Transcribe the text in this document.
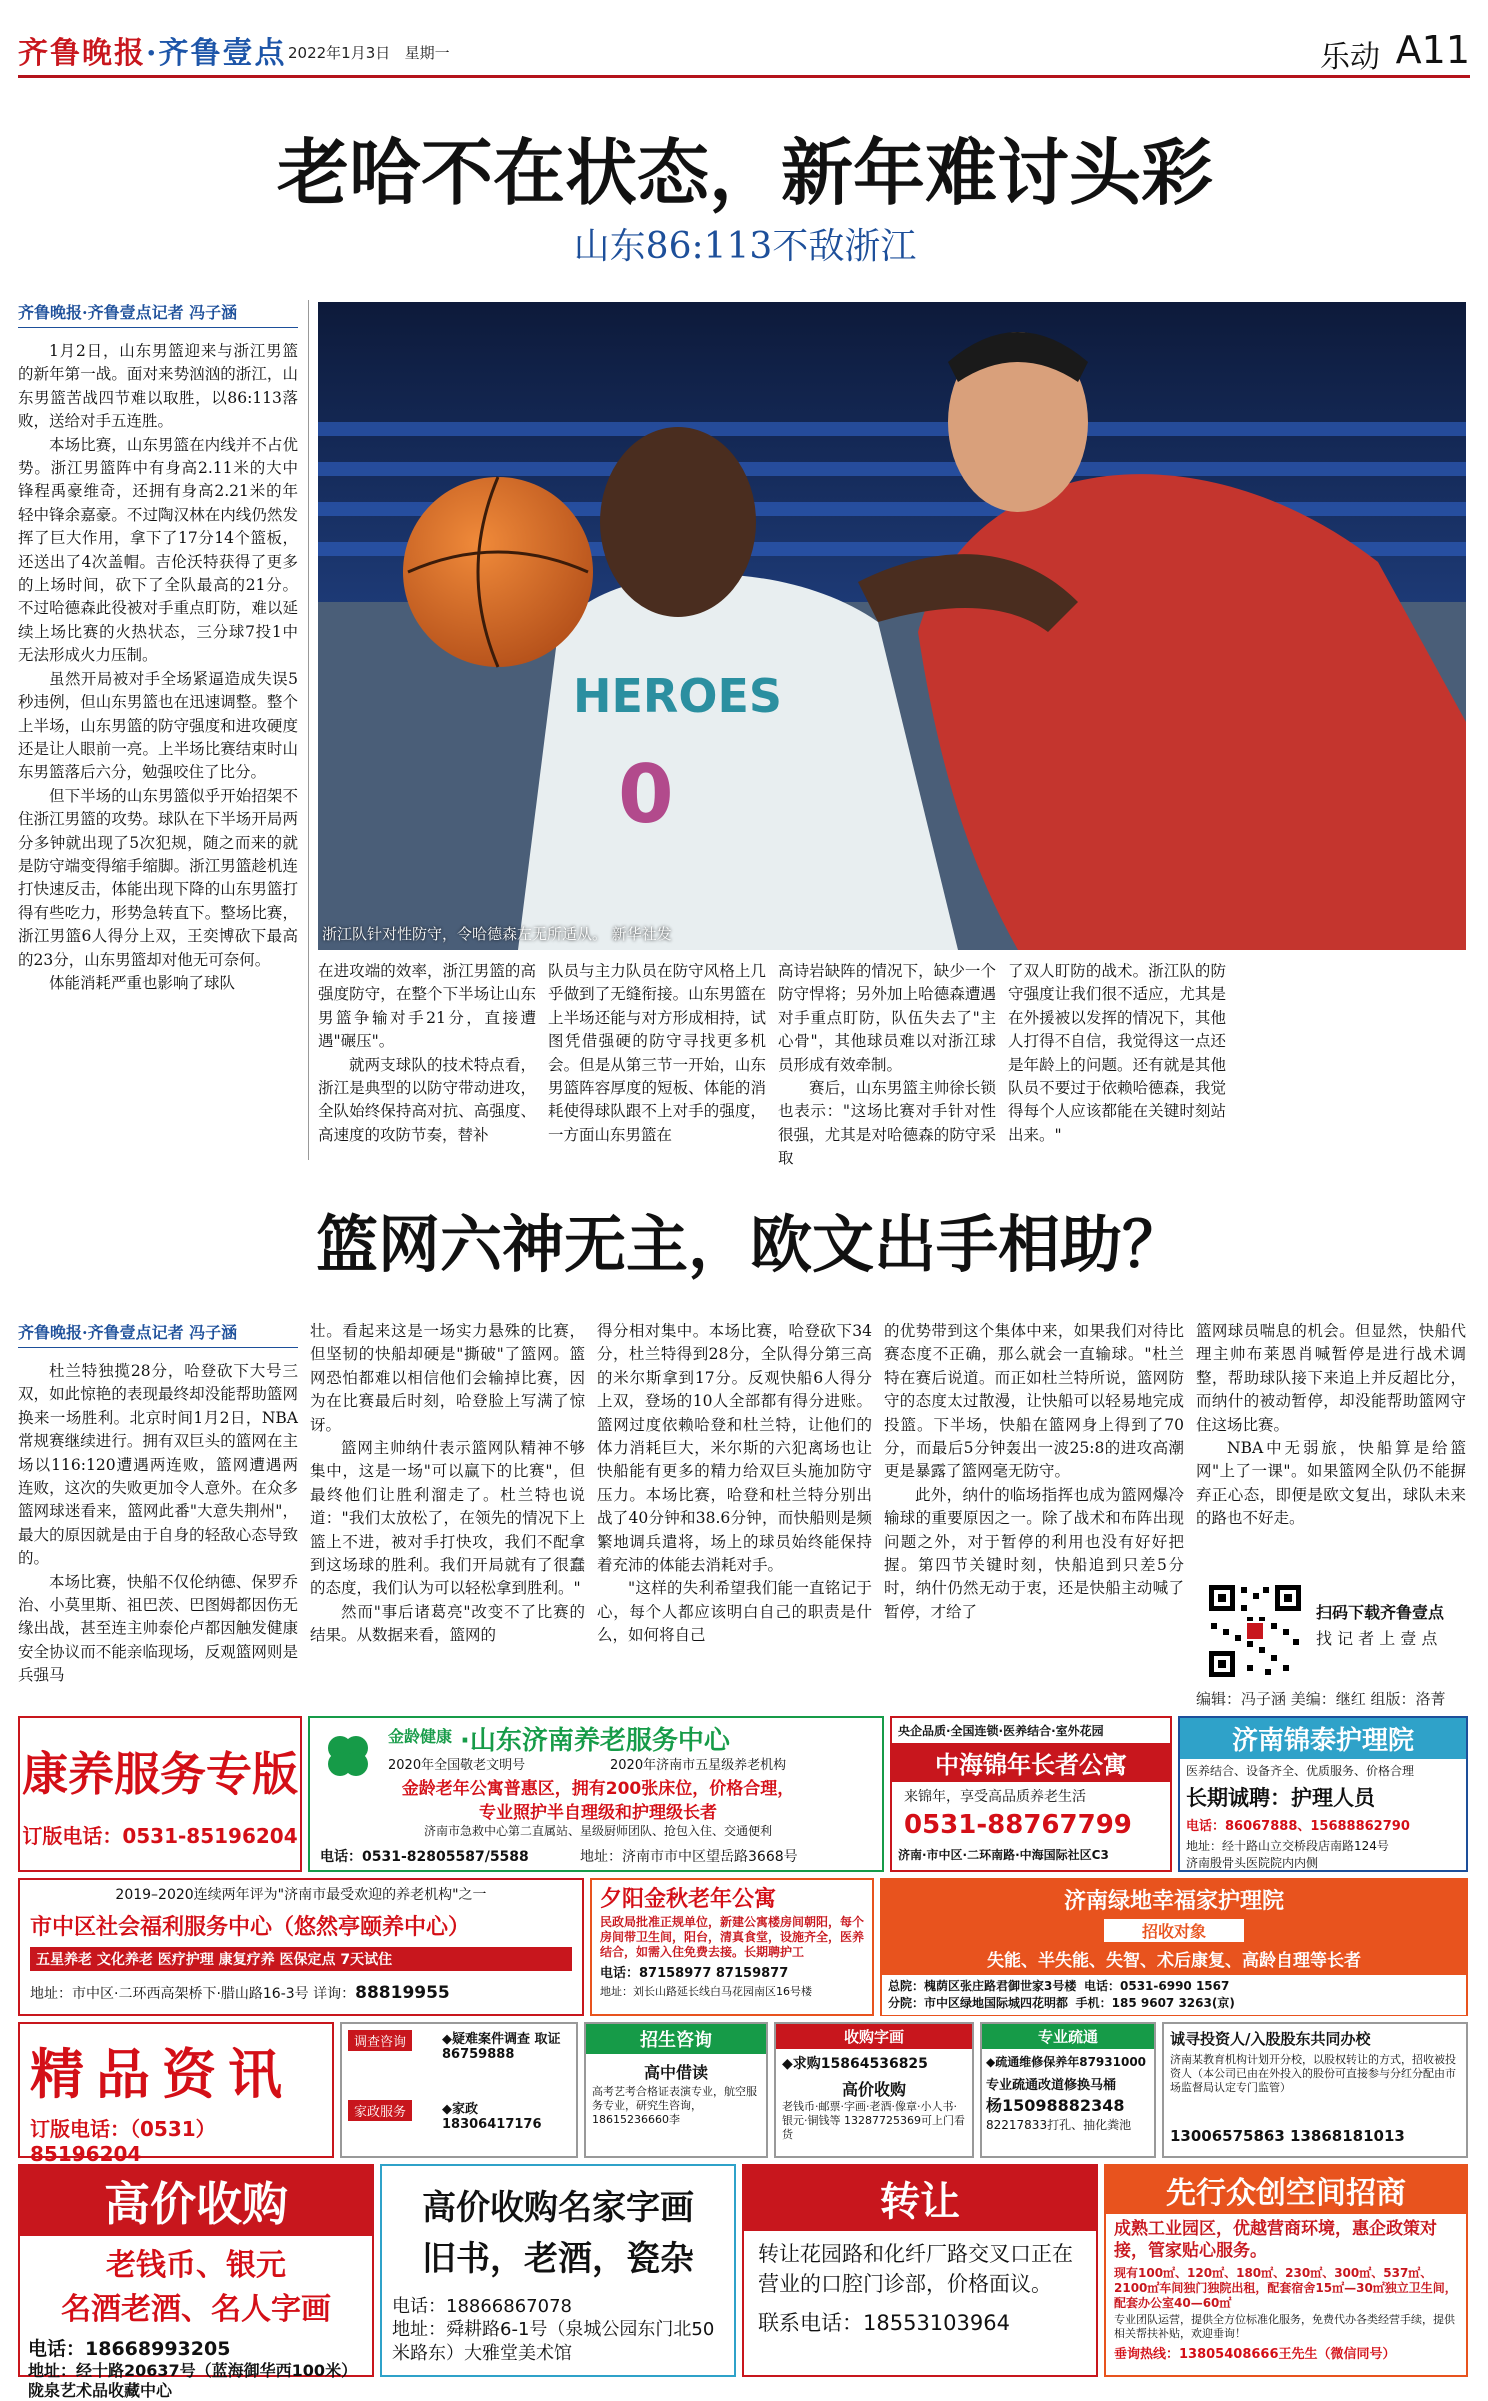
齐鲁晚报·齐鲁壹点 2022年1月3日 星期一	乐动 A11
老哈不在状态，新年难讨头彩
山东86:113不敌浙江
齐鲁晚报·齐鲁壹点记者 冯子涵

1月2日，山东男篮迎来与浙江男篮的新年第一战。面对来势汹汹的浙江，山东男篮苦战四节难以取胜，以86:113落败，送给对手五连胜。

本场比赛，山东男篮在内线并不占优势。浙江男篮阵中有身高2.11米的大中锋程禹豪维奇，还拥有身高2.21米的年轻中锋余嘉豪。不过陶汉林在内线仍然发挥了巨大作用，拿下了17分14个篮板，还送出了4次盖帽。吉伦沃特获得了更多的上场时间，砍下了全队最高的21分。不过哈德森此役被对手重点盯防，难以延续上场比赛的火热状态，三分球7投1中无法形成火力压制。

虽然开局被对手全场紧逼造成失误5秒违例，但山东男篮也在迅速调整。整个上半场，山东男篮的防守强度和进攻硬度还是让人眼前一亮。上半场比赛结束时山东男篮落后六分，勉强咬住了比分。

但下半场的山东男篮似乎开始招架不住浙江男篮的攻势。球队在下半场开局两分多钟就出现了5次犯规，随之而来的就是防守端变得缩手缩脚。浙江男篮趁机连打快速反击，体能出现下降的山东男篮打得有些吃力，形势急转直下。整场比赛，浙江男篮6人得分上双，王奕博砍下最高的23分，山东男篮却对他无可奈何。

体能消耗严重也影响了球队

HEROES
0
浙江队针对性防守，令哈德森左无所适从。 新华社发

在进攻端的效率，浙江男篮的高强度防守，在整个下半场让山东男篮争输对手21分，直接遭遇"碾压"。

就两支球队的技术特点看，浙江是典型的以防守带动进攻，全队始终保持高对抗、高强度、高速度的攻防节奏，替补

队员与主力队员在防守风格上几乎做到了无缝衔接。山东男篮在上半场还能与对方形成相持，试图凭借强硬的防守寻找更多机会。但是从第三节一开始，山东男篮阵容厚度的短板、体能的消耗使得球队跟不上对手的强度，一方面山东男篮在

高诗岩缺阵的情况下，缺少一个防守悍将；另外加上哈德森遭遇对手重点盯防，队伍失去了"主心骨"，其他球员难以对浙江球员形成有效牵制。

赛后，山东男篮主帅徐长锁也表示："这场比赛对手针对性很强，尤其是对哈德森的防守采取

了双人盯防的战术。浙江队的防守强度让我们很不适应，尤其是在外援被以发挥的情况下，其他人打得不自信，我觉得这一点还是年龄上的问题。还有就是其他队员不要过于依赖哈德森，我觉得每个人应该都能在关键时刻站出来。"

篮网六神无主，欧文出手相助？
齐鲁晚报·齐鲁壹点记者 冯子涵

杜兰特独揽28分，哈登砍下大号三双，如此惊艳的表现最终却没能帮助篮网换来一场胜利。北京时间1月2日，NBA常规赛继续进行。拥有双巨头的篮网在主场以116:120遭遇两连败，篮网遭遇两连败，这次的失败更加令人意外。在众多篮网球迷看来，篮网此番"大意失荆州"，最大的原因就是由于自身的轻敌心态导致的。

本场比赛，快船不仅伦纳德、保罗乔治、小莫里斯、祖巴茨、巴图姆都因伤无缘出战，甚至连主帅泰伦卢都因触发健康安全协议而不能亲临现场，反观篮网则是兵强马

壮。看起来这是一场实力悬殊的比赛，但坚韧的快船却硬是"撕破"了篮网。篮网恐怕都难以相信他们会输掉比赛，因为在比赛最后时刻，哈登脸上写满了惊讶。

篮网主帅纳什表示篮网队精神不够集中，这是一场"可以赢下的比赛"，但最终他们让胜利溜走了。杜兰特也说道："我们太放松了，在领先的情况下上篮上不进，被对手打快攻，我们不配拿到这场球的胜利。我们开局就有了很蠢的态度，我们认为可以轻松拿到胜利。"

然而"事后诸葛亮"改变不了比赛的结果。从数据来看，篮网的

得分相对集中。本场比赛，哈登砍下34分，杜兰特得到28分，全队得分第三高的米尔斯拿到17分。反观快船6人得分上双，登场的10人全部都有得分进账。篮网过度依赖哈登和杜兰特，让他们的体力消耗巨大，米尔斯的六犯离场也让快船能有更多的精力给双巨头施加防守压力。本场比赛，哈登和杜兰特分别出战了40分钟和38.6分钟，而快船则是频繁地调兵遣将，场上的球员始终能保持着充沛的体能去消耗对手。

"这样的失利希望我们能一直铭记于心，每个人都应该明白自己的职责是什么，如何将自己

的优势带到这个集体中来，如果我们对待比赛态度不正确，那么就会一直输球。"杜兰特在赛后说道。而正如杜兰特所说，篮网防守的态度太过散漫，让快船可以轻易地完成投篮。下半场，快船在篮网身上得到了70分，而最后5分钟轰出一波25:8的进攻高潮更是暴露了篮网毫无防守。

此外，纳什的临场指挥也成为篮网爆冷输球的重要原因之一。除了战术和布阵出现问题之外，对于暂停的利用也没有好好把握。第四节关键时刻，快船追到只差5分时，纳什仍然无动于衷，还是快船主动喊了暂停，才给了

篮网球员喘息的机会。但显然，快船代理主帅布莱恩肖喊暂停是进行战术调整，帮助球队接下来追上并反超比分，而纳什的被动暂停，却没能帮助篮网守住这场比赛。

NBA中无弱旅，快船算是给篮网"上了一课"。如果篮网全队仍不能摒弃正心态，即便是欧文复出，球队未来的路也不好走。

扫码下载齐鲁壹点
找 记 者 上 壹 点
编辑：冯子涵 美编：继红 组版：洛菁
康养服务专版
订版电话：0531-85196204
金龄健康 ·山东济南养老服务中心
2020年全国敬老文明号	2020年济南市五星级养老机构
金龄老年公寓普惠区，拥有200张床位，价格合理，
专业照护半自理级和护理级长者
济南市急救中心第二直属站、星级厨师团队、抢包入住、交通便利
电话：0531-82805587/5588	地址：济南市市中区望岳路3668号
央企品质·全国连锁·医养结合·室外花园
中海锦年长者公寓
来锦年，享受高品质养老生活
0531-88767799
济南·市中区·二环南路·中海国际社区C3
济南锦泰护理院
医养结合、设备齐全、优质服务、价格合理
长期诚聘：护理人员
电话：86067888、15688862790
地址：经十路山立交桥段店南路124号
济南殷骨头医院院内内侧
2019–2020连续两年评为"济南市最受欢迎的养老机构"之一
市中区社会福利服务中心（悠然亭颐养中心）
五星养老 文化养老 医疗护理 康复疗养 医保定点 7天试住
地址：市中区·二环西高架桥下·腊山路16-3号 详询：88819955
夕阳金秋老年公寓
民政局批准正规单位，新建公寓楼房间朝阳，每个房间带卫生间，阳台，清真食堂，设施齐全，医养结合，如需入住免费去接。长期聘护工
电话：87158977 87159877
地址：刘长山路延长线白马花园南区16号楼
济南绿地幸福家护理院
招收对象
失能、半失能、失智、术后康复、高龄自理等长者
总院：槐荫区张庄路君御世家3号楼 电话：0531-6990 1567
分院：市中区绿地国际城四花明都 手机：185 9607 3263(京)
精品资讯
订版电话：（0531）85196204
调查咨询	◆疑难案件调查 取证86759888
家政服务	◆家政 18306417176
招生咨询
高中借读
高考艺考合格证表演专业，航空服务专业，研究生咨询，18615236660李
收购字画
◆求购15864536825
高价收购
老钱币·邮票·字画·老酒·像章·小人书·银元·铜钱等 13287725369可上门看货
专业疏通
◆疏通维修保养年87931000
专业疏通改道修换马桶
杨15098882348
82217833打孔、抽化粪池
诚寻投资人/入股股东共同办校
济南某教育机构计划开分校，以股权转让的方式，招收被投资人（本公司已由在外投入的股份可直接参与分红分配由市场监督局认定专门监管）
13006575863 13868181013
高价收购
老钱币、银元
名酒老酒、名人字画
电话：18668993205
地址：经十路20637号（蓝海御华西100米）陇泉艺术品收藏中心
高价收购名家字画
旧书，老酒，瓷杂
电话：18866867078
地址：舜耕路6-1号（泉城公园东门北50米路东）大雅堂美术馆
转让
转让花园路和化纤厂路交叉口正在营业的口腔门诊部，价格面议。
联系电话：18553103964
先行众创空间招商
成熟工业园区，优越营商环境，惠企政策对接，管家贴心服务。
现有100㎡、120㎡、180㎡、230㎡、300㎡、537㎡、2100㎡车间独门独院出租，配套宿舍15㎡—30㎡独立卫生间，配套办公室40—60㎡
专业团队运营，提供全方位标准化服务，免费代办各类经营手续，提供相关帮扶补贴，欢迎垂询！
垂询热线：13805408666王先生（微信同号）
